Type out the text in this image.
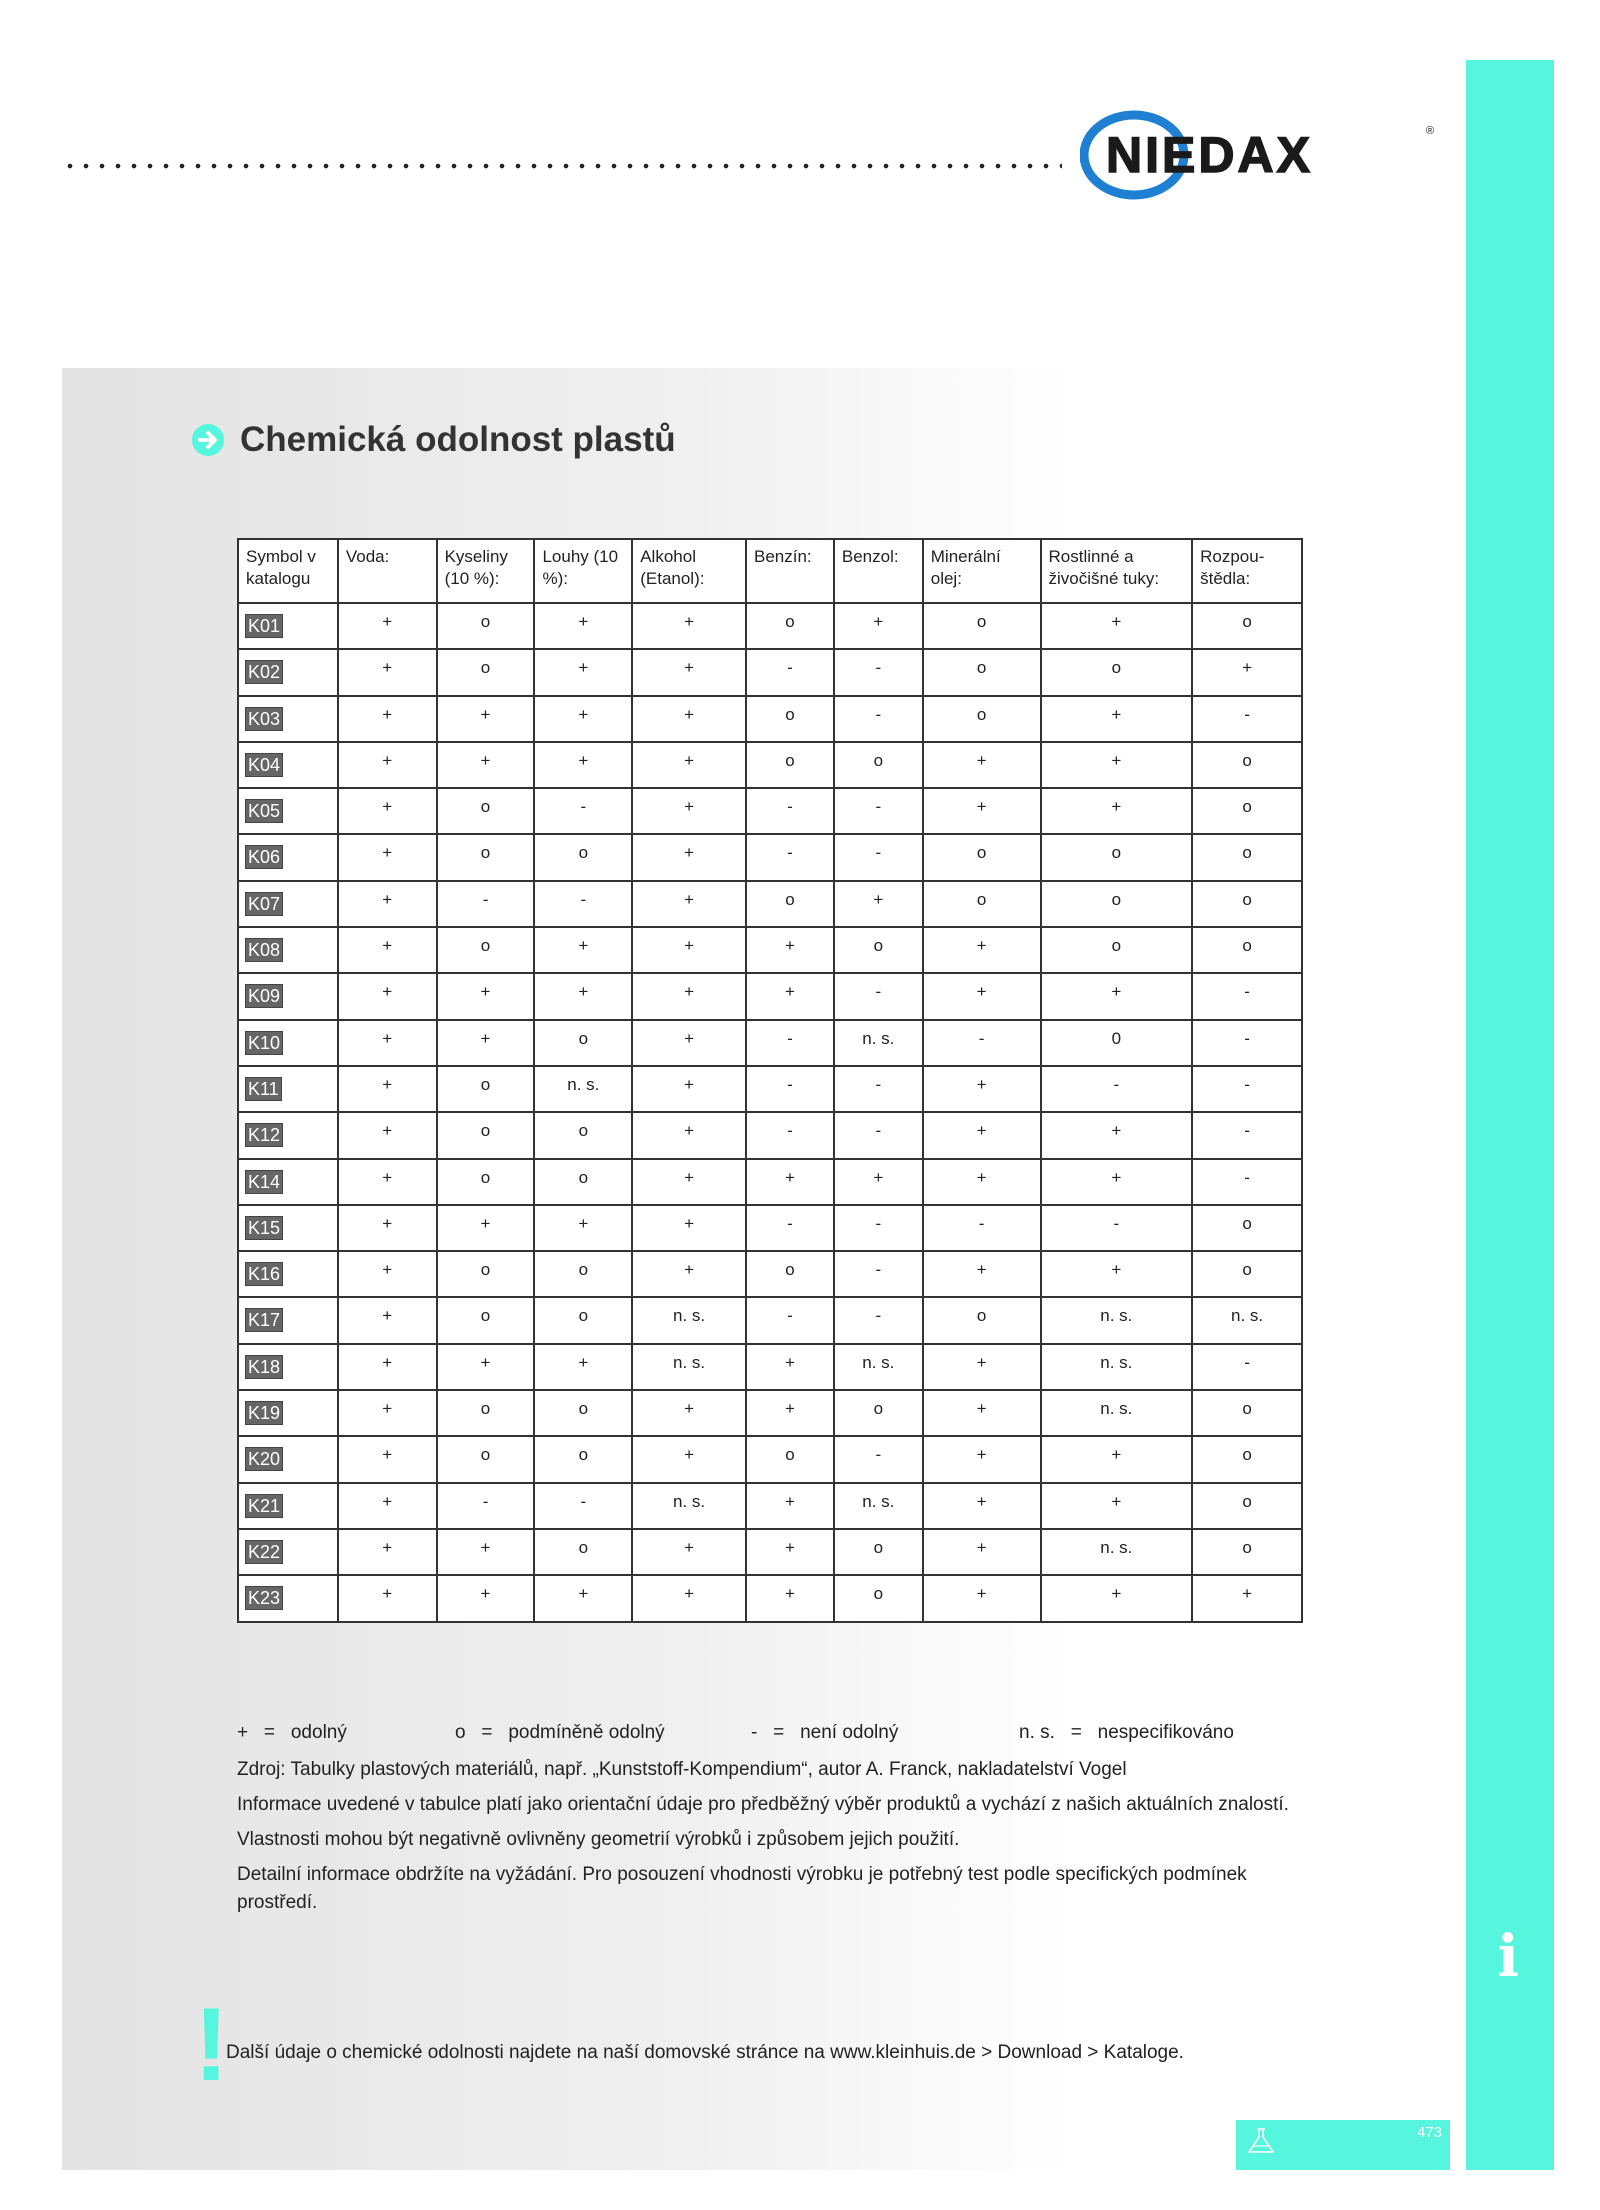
NIEDAX	®
i
Chemická odolnost plastů
Symbol v katalogu	Voda:	Kyseliny (10 %):	Louhy (10 %):	Alkohol (Etanol):	Benzín:	Benzol:	Minerální olej:	Rostlinné a živočišné tuky:	Rozpou- štědla:
K01	+	o	+	+	o	+	o	+	o
K02	+	o	+	+	-	-	o	o	+
K03	+	+	+	+	o	-	o	+	-
K04	+	+	+	+	o	o	+	+	o
K05	+	o	-	+	-	-	+	+	o
K06	+	o	o	+	-	-	o	o	o
K07	+	-	-	+	o	+	o	o	o
K08	+	o	+	+	+	o	+	o	o
K09	+	+	+	+	+	-	+	+	-
K10	+	+	o	+	-	n. s.	-	0	-
K11	+	o	n. s.	+	-	-	+	-	-
K12	+	o	o	+	-	-	+	+	-
K14	+	o	o	+	+	+	+	+	-
K15	+	+	+	+	-	-	-	-	o
K16	+	o	o	+	o	-	+	+	o
K17	+	o	o	n. s.	-	-	o	n. s.	n. s.
K18	+	+	+	n. s.	+	n. s.	+	n. s.	-
K19	+	o	o	+	+	o	+	n. s.	o
K20	+	o	o	+	o	-	+	+	o
K21	+	-	-	n. s.	+	n. s.	+	+	o
K22	+	+	o	+	+	o	+	n. s.	o
K23	+	+	+	+	+	o	+	+	+
+   =   odolný	o   =   podmíněně odolný	-   =   není odolný	n. s.   =   nespecifikováno

Zdroj: Tabulky plastových materiálů, např. „Kunststoff-Kompendium“, autor A. Franck, nakladatelství Vogel

Informace uvedené v tabulce platí jako orientační údaje pro předběžný výběr produktů a vychází z našich aktuálních znalostí.

Vlastnosti mohou být negativně ovlivněny geometrií výrobků i způsobem jejich použití.

Detailní informace obdržíte na vyžádání. Pro posouzení vhodnosti výrobku je potřebný test podle specifických podmínek prostředí.

!
Další údaje o chemické odolnosti najdete na naší domovské stránce na www.kleinhuis.de > Download > Kataloge.
473
